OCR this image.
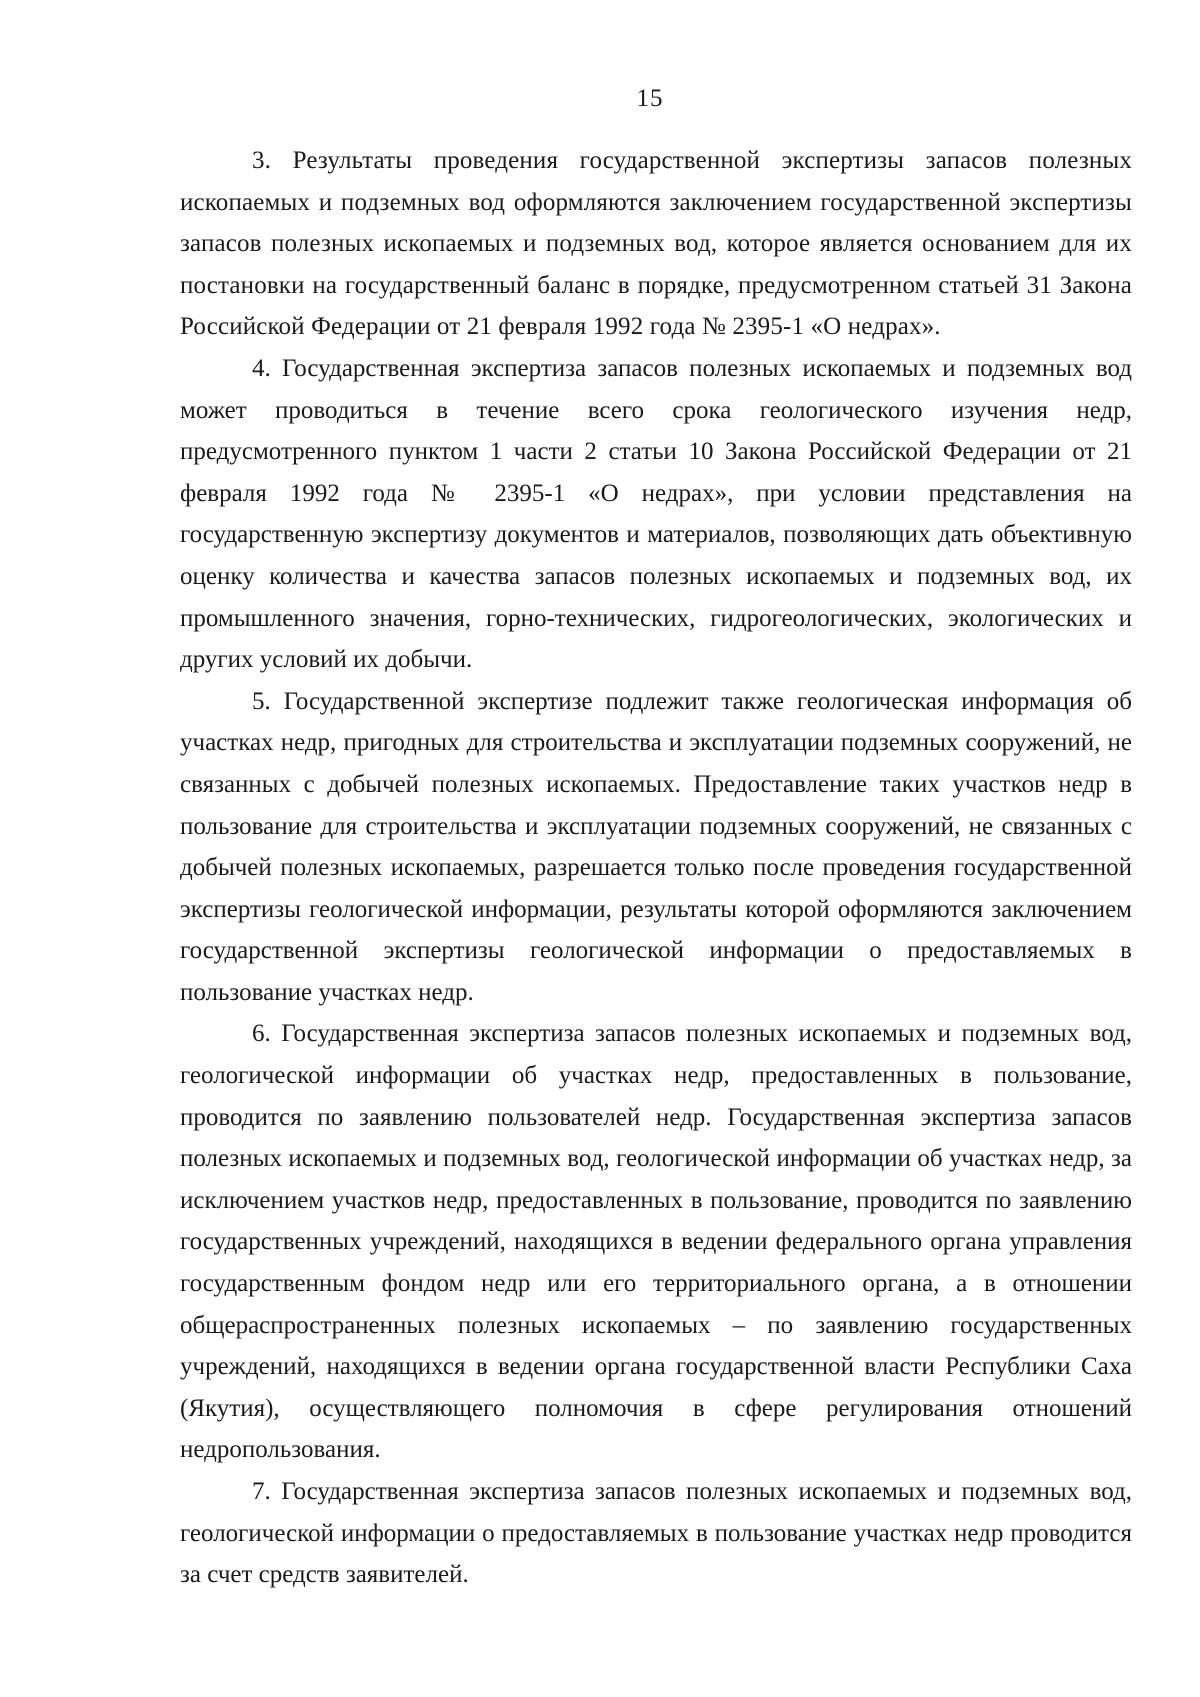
15

3. Результаты проведения государственной экспертизы запасов полезных ископаемых и подземных вод оформляются заключением государственной экспертизы запасов полезных ископаемых и подземных вод, которое является основанием для их постановки на государственный баланс в порядке, предусмотренном статьей 31 Закона Российской Федерации от 21 февраля 1992 года № 2395-1 «О недрах».

4. Государственная экспертиза запасов полезных ископаемых и подземных вод может проводиться в течение всего срока геологического изучения недр, предусмотренного пунктом 1 части 2 статьи 10 Закона Российской Федерации от 21 февраля 1992 года № 2395-1 «О недрах», при условии представления на государственную экспертизу документов и материалов, позволяющих дать объективную оценку количества и качества запасов полезных ископаемых и подземных вод, их промышленного значения, горно-технических, гидрогеологических, экологических и других условий их добычи.

5. Государственной экспертизе подлежит также геологическая информация об участках недр, пригодных для строительства и эксплуатации подземных сооружений, не связанных с добычей полезных ископаемых. Предоставление таких участков недр в пользование для строительства и эксплуатации подземных сооружений, не связанных с добычей полезных ископаемых, разрешается только после проведения государственной экспертизы геологической информации, результаты которой оформляются заключением государственной экспертизы геологической информации о предоставляемых в пользование участках недр.

6. Государственная экспертиза запасов полезных ископаемых и подземных вод, геологической информации об участках недр, предоставленных в пользование, проводится по заявлению пользователей недр. Государственная экспертиза запасов полезных ископаемых и подземных вод, геологической информации об участках недр, за исключением участков недр, предоставленных в пользование, проводится по заявлению государственных учреждений, находящихся в ведении федерального органа управления государственным фондом недр или его территориального органа, а в отношении общераспространенных полезных ископаемых – по заявлению государственных учреждений, находящихся в ведении органа государственной власти Республики Саха (Якутия), осуществляющего полномочия в сфере регулирования отношений недропользования.

7. Государственная экспертиза запасов полезных ископаемых и подземных вод, геологической информации о предоставляемых в пользование участках недр проводится за счет средств заявителей.
